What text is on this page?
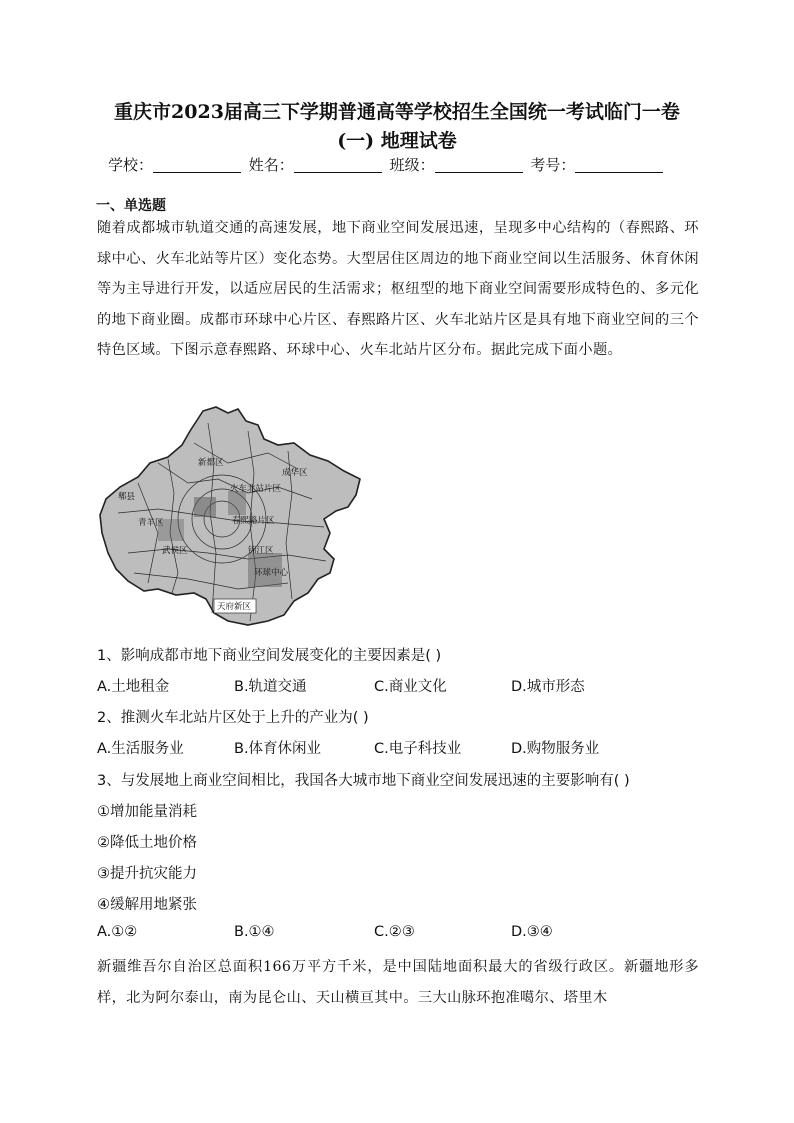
重庆市2023届高三下学期普通高等学校招生全国统一考试临门一卷
(一) 地理试卷
学校：	姓名：	班级：	考号：
一、单选题
随着成都城市轨道交通的高速发展，地下商业空间发展迅速，呈现多中心结构的（春熙路、环球中心、火车北站等片区）变化态势。大型居住区周边的地下商业空间以生活服务、休育休闲等为主导进行开发，以适应居民的生活需求；枢纽型的地下商业空间需要形成特色的、多元化的地下商业圈。成都市环球中心片区、春熙路片区、火车北站片区是具有地下商业空间的三个特色区域。下图示意春熙路、环球中心、火车北站片区分布。据此完成下面小题。
新都区
郫县
青羊区
成华区
春熙路片区
火车北站片区
武侯区
环球中心
锦江区
天府新区
1、影响成都市地下商业空间发展变化的主要因素是( )
A.土地租金	B.轨道交通	C.商业文化	D.城市形态
2、推测火车北站片区处于上升的产业为( )
A.生活服务业	B.体育休闲业	C.电子科技业	D.购物服务业
3、与发展地上商业空间相比，我国各大城市地下商业空间发展迅速的主要影响有( )
①增加能量消耗
②降低土地价格
③提升抗灾能力
④缓解用地紧张
A.①②	B.①④	C.②③	D.③④
新疆维吾尔自治区总面积166万平方千米，是中国陆地面积最大的省级行政区。新疆地形多样，北为阿尔泰山，南为昆仑山、天山横亘其中。三大山脉环抱准噶尔、塔里木
